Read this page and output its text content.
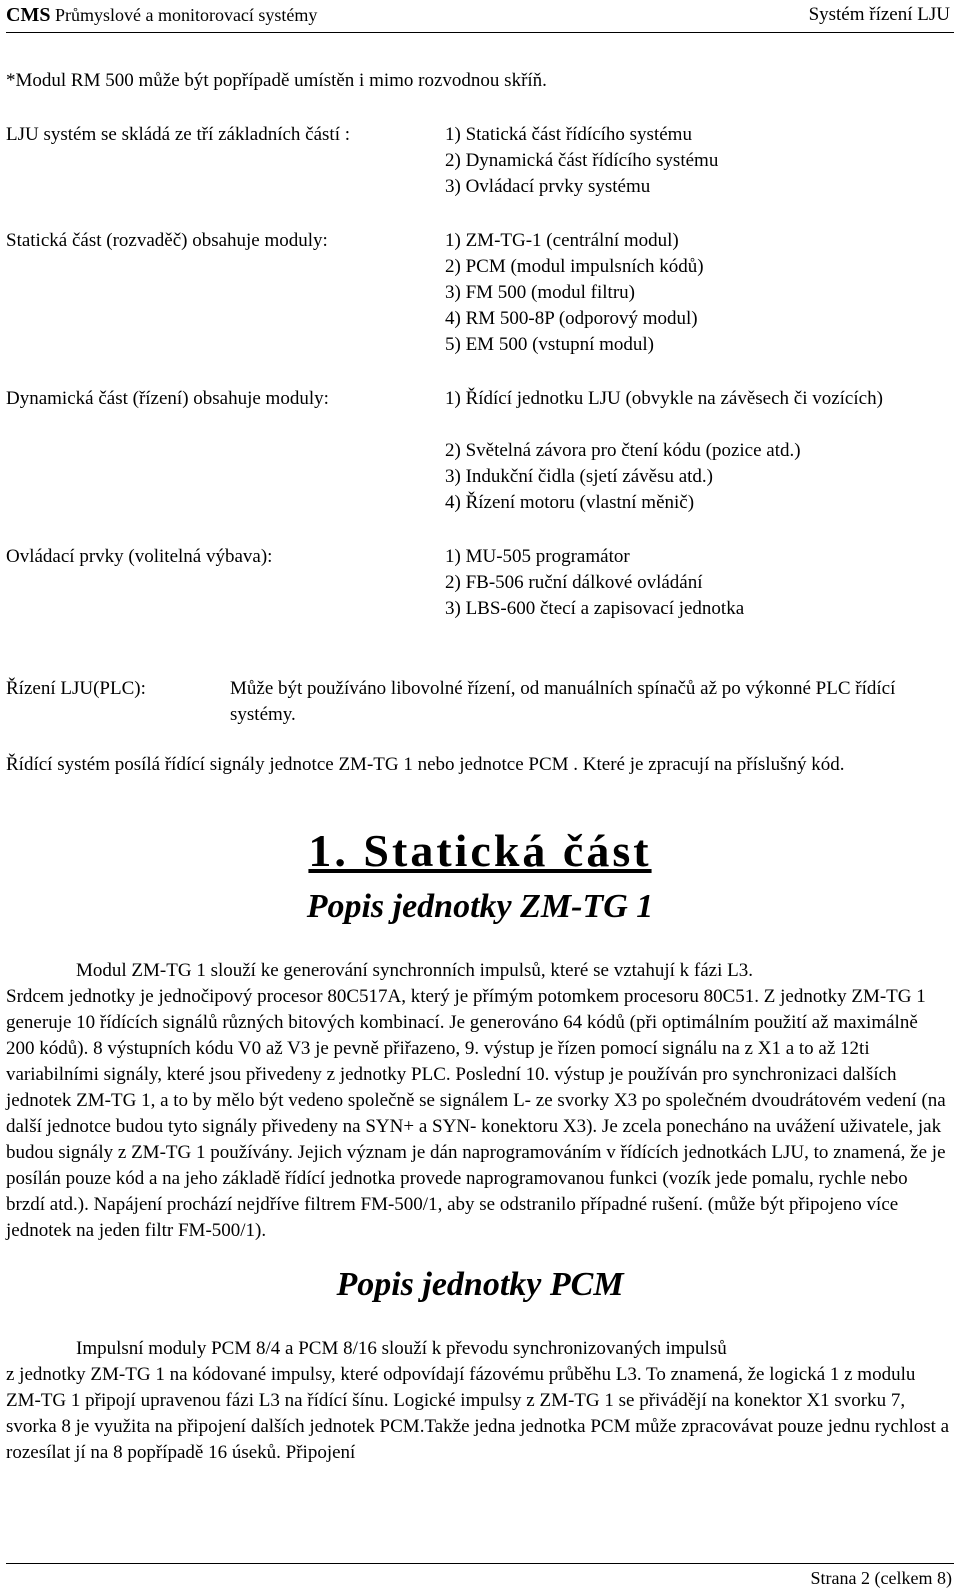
CMS Průmyslové a monitorovací systémy	Systém řízení LJU
*Modul RM 500 může být popřípadě umístěn i mimo rozvodnou skříň.
LJU systém se skládá ze tří základních částí :	1) Statická část řídícího systému
2) Dynamická část řídícího systému
3) Ovládací prvky systému
Statická část (rozvaděč) obsahuje moduly:	1) ZM-TG-1 (centrální modul)
2) PCM (modul impulsních kódů)
3) FM 500 (modul filtru)
4) RM 500-8P (odporový modul)
5) EM 500 (vstupní modul)
Dynamická část (řízení) obsahuje moduly:	1) Řídící jednotku LJU (obvykle na závěsech či vozících)
2) Světelná závora pro čtení kódu (pozice atd.)
3) Indukční čidla (sjetí závěsu atd.)
4) Řízení motoru (vlastní měnič)
Ovládací prvky (volitelná výbava):	1) MU-505 programátor
2) FB-506 ruční dálkové ovládání
3) LBS-600 čtecí a zapisovací jednotka
Řízení LJU(PLC):	Může být používáno libovolné řízení, od manuálních spínačů až po výkonné PLC řídící systémy.
Řídící systém posílá řídící signály jednotce ZM-TG 1 nebo jednotce PCM . Které je zpracují na příslušný kód.
1. Statická část
Popis jednotky ZM-TG 1
Modul ZM-TG 1 slouží ke generování synchronních impulsů, které se vztahují k fázi L3.
Srdcem jednotky je jednočipový procesor 80C517A, který je přímým potomkem procesoru 80C51. Z jednotky ZM-TG 1 generuje 10 řídících signálů různých bitových kombinací. Je generováno 64 kódů (při optimálním použití až maximálně 200 kódů). 8 výstupních kódu V0 až V3 je pevně přiřazeno, 9. výstup je řízen pomocí signálu na z X1 a to až 12ti variabilními signály, které jsou přivedeny z jednotky PLC. Poslední 10. výstup je používán pro synchronizaci dalších jednotek ZM-TG 1, a to by mělo být vedeno společně se signálem L- ze svorky X3 po společném dvoudrátovém vedení (na další jednotce budou tyto signály přivedeny na SYN+ a SYN- konektoru X3). Je zcela ponecháno na uvážení uživatele, jak budou signály z ZM-TG 1 používány. Jejich význam je dán naprogramováním v řídících jednotkách LJU, to znamená, že je posílán pouze kód a na jeho základě řídící jednotka provede naprogramovanou funkci (vozík jede pomalu, rychle nebo brzdí atd.). Napájení prochází nejdříve filtrem FM-500/1, aby se odstranilo případné rušení. (může být připojeno více jednotek na jeden filtr FM-500/1).
Popis jednotky PCM
Impulsní moduly PCM 8/4 a PCM 8/16 slouží k převodu synchronizovaných impulsů
z jednotky ZM-TG 1 na kódované impulsy, které odpovídají fázovému průběhu L3. To znamená, že logická 1 z modulu ZM-TG 1 připojí upravenou fázi L3 na řídící šínu. Logické impulsy z ZM-TG 1 se přivádějí na konektor X1 svorku 7, svorka 8 je využita na připojení dalších jednotek PCM.Takže jedna jednotka PCM může zpracovávat pouze jednu rychlost a rozesílat jí na 8 popřípadě 16 úseků. Připojení
Strana 2 (celkem 8)
